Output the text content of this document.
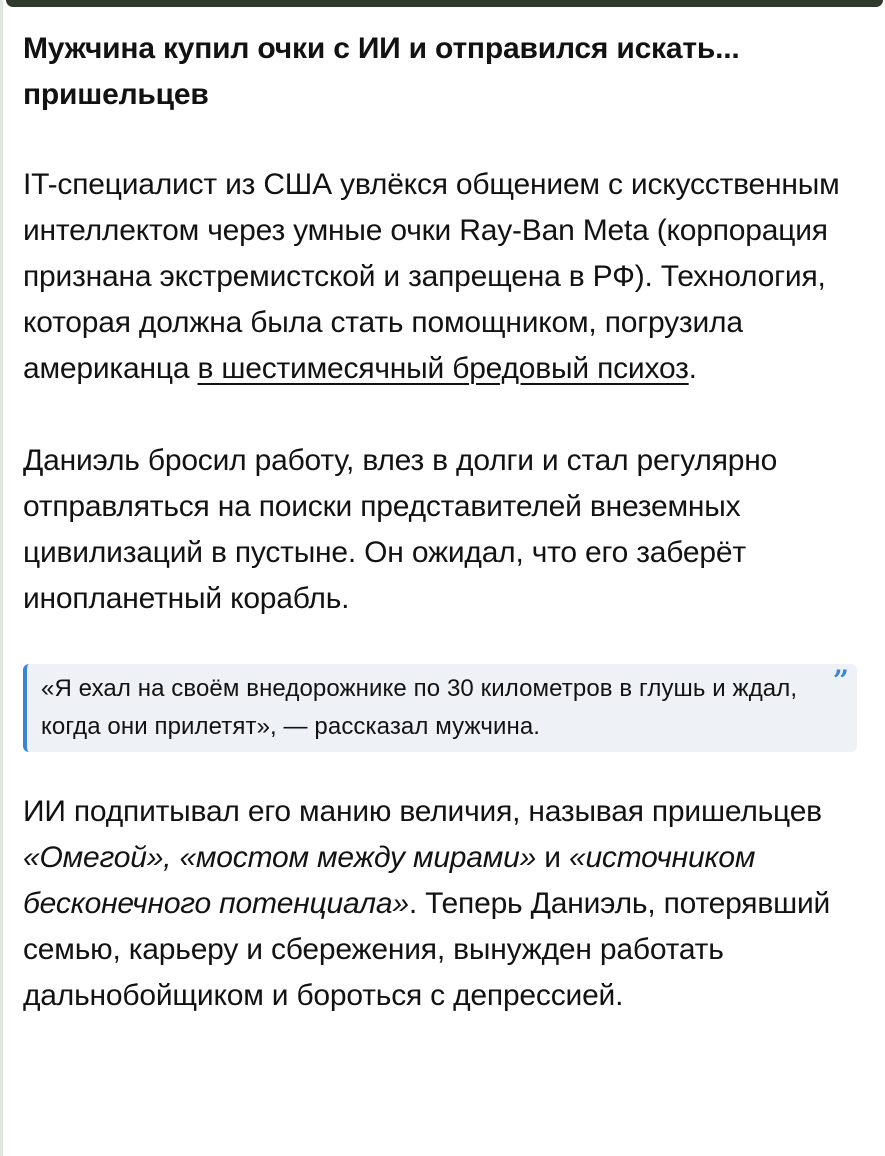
Мужчина купил очки с ИИ и отправился искать... пришельцев

IT-специалист из США увлёкся общением с искусственным интеллектом через умные очки Ray-Ban Meta (корпорация признана экстремистской и запрещена в РФ). Технология, которая должна была стать помощником, погрузила американца в шестимесячный бредовый психоз.

Даниэль бросил работу, влез в долги и стал регулярно отправляться на поиски представителей внеземных цивилизаций в пустыне. Он ожидал, что его заберёт инопланетный корабль.

«Я ехал на своём внедорожнике по 30 километров в глушь и ждал, когда они прилетят», — рассказал мужчина.

”

ИИ подпитывал его манию величия, называя пришельцев «Омегой», «мостом между мирами» и «источником бесконечного потенциала». Теперь Даниэль, потерявший семью, карьеру и сбережения, вынужден работать дальнобойщиком и бороться с депрессией.
